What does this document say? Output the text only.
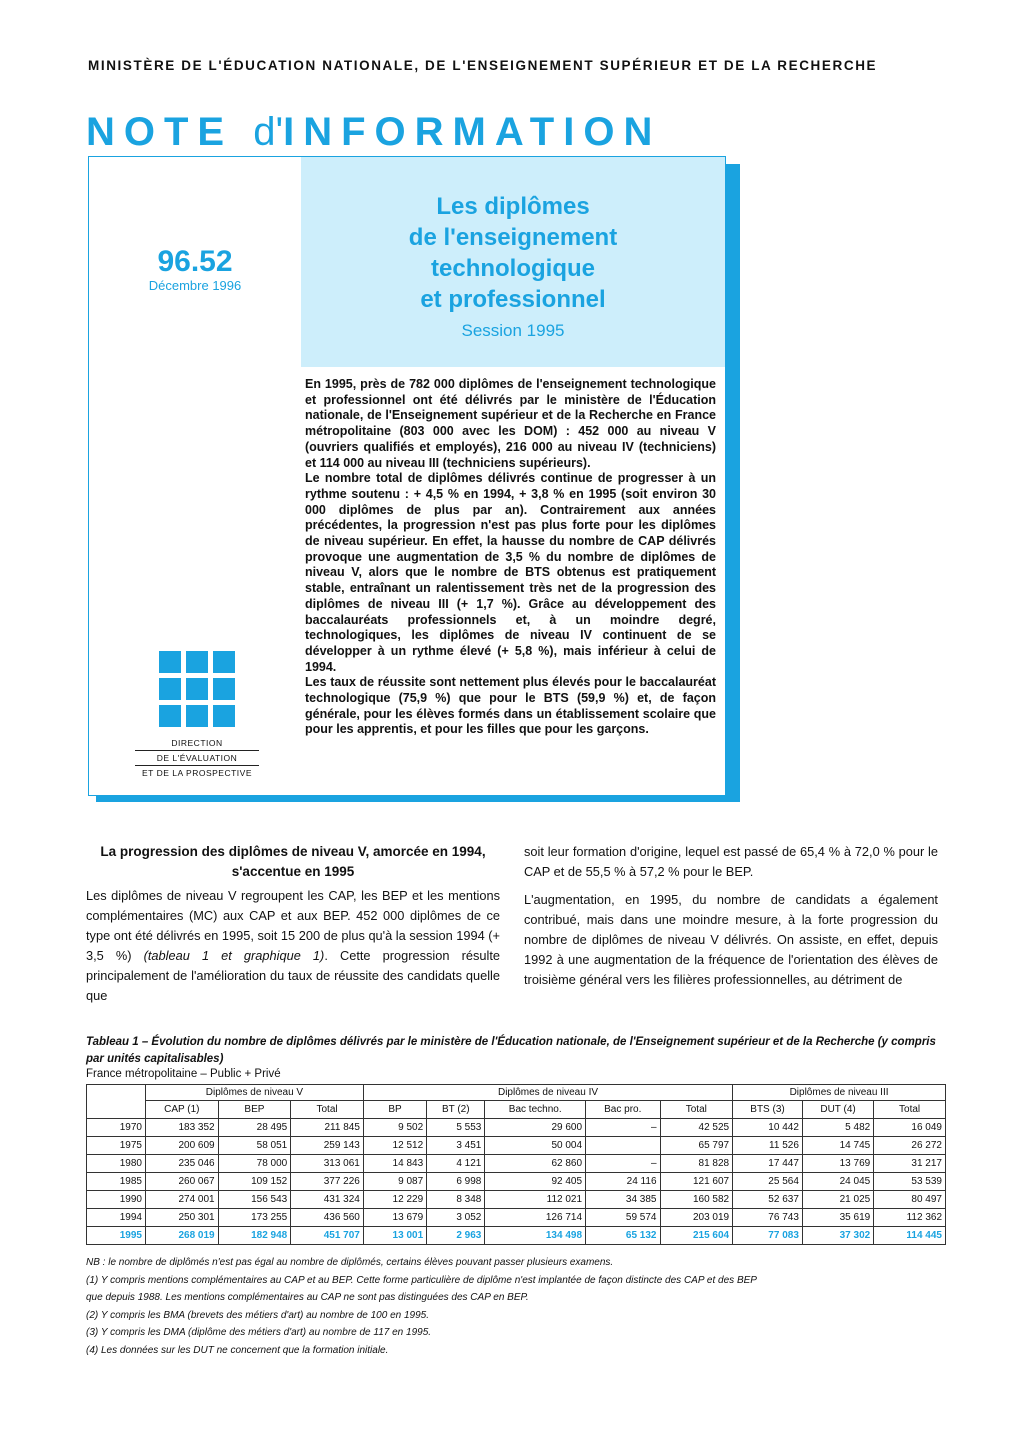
MINISTÈRE DE L'ÉDUCATION NATIONALE, DE L'ENSEIGNEMENT SUPÉRIEUR ET DE LA RECHERCHE
NOTE d'INFORMATION
Les diplômes
de l'enseignement
technologique
et professionnel
Session 1995
96.52
Décembre 1996
DIRECTION
DE L'ÉVALUATION
ET DE LA PROSPECTIVE

En 1995, près de 782 000 diplômes de l'enseignement technologique et professionnel ont été délivrés par le ministère de l'Éducation nationale, de l'Enseignement supérieur et de la Recherche en France métropolitaine (803 000 avec les DOM) : 452 000 au niveau V (ouvriers qualifiés et employés), 216 000 au niveau IV (techniciens) et 114 000 au niveau III (techniciens supérieurs).

Le nombre total de diplômes délivrés continue de progresser à un rythme soutenu : + 4,5 % en 1994, + 3,8 % en 1995 (soit environ 30 000 diplômes de plus par an). Contrairement aux années précédentes, la progression n'est pas plus forte pour les diplômes de niveau supérieur. En effet, la hausse du nombre de CAP délivrés provoque une augmentation de 3,5 % du nombre de diplômes de niveau V, alors que le nombre de BTS obtenus est pratiquement stable, entraînant un ralentissement très net de la progression des diplômes de niveau III (+ 1,7 %). Grâce au développement des baccalauréats professionnels et, à un moindre degré, technologiques, les diplômes de niveau IV continuent de se développer à un rythme élevé (+ 5,8 %), mais inférieur à celui de 1994.

Les taux de réussite sont nettement plus élevés pour le baccalauréat technologique (75,9 %) que pour le BTS (59,9 %) et, de façon générale, pour les élèves formés dans un établissement scolaire que pour les apprentis, et pour les filles que pour les garçons.

La progression des diplômes de niveau V, amorcée en 1994, s'accentue en 1995

Les diplômes de niveau V regroupent les CAP, les BEP et les mentions complémentaires (MC) aux CAP et aux BEP. 452 000 diplômes de ce type ont été délivrés en 1995, soit 15 200 de plus qu'à la session 1994 (+ 3,5 %) (tableau 1 et graphique 1). Cette progression résulte principalement de l'amélioration du taux de réussite des candidats quelle que

soit leur formation d'origine, lequel est passé de 65,4 % à 72,0 % pour le CAP et de 55,5 % à 57,2 % pour le BEP.

L'augmentation, en 1995, du nombre de candidats a également contribué, mais dans une moindre mesure, à la forte progression du nombre de diplômes de niveau V délivrés. On assiste, en effet, depuis 1992 à une augmentation de la fréquence de l'orientation des élèves de troisième général vers les filières professionnelles, au détriment de

Tableau 1 – Évolution du nombre de diplômes délivrés par le ministère de l'Éducation nationale, de l'Enseignement supérieur et de la Recherche (y compris par unités capitalisables)
France métropolitaine – Public + Privé
	Diplômes de niveau V			Diplômes de niveau IV					Diplômes de niveau III		
	CAP (1)	BEP	Total	BP	BT (2)	Bac techno.	Bac pro.	Total	BTS (3)	DUT (4)	Total
1970	183 352	28 495	211 845	9 502	5 553	29 600	–	42 525	10 442	5 482	16 049
1975	200 609	58 051	259 143	12 512	3 451	50 004		65 797	11 526	14 745	26 272
1980	235 046	78 000	313 061	14 843	4 121	62 860	–	81 828	17 447	13 769	31 217
1985	260 067	109 152	377 226	9 087	6 998	92 405	24 116	121 607	25 564	24 045	53 539
1990	274 001	156 543	431 324	12 229	8 348	112 021	34 385	160 582	52 637	21 025	80 497
1994	250 301	173 255	436 560	13 679	3 052	126 714	59 574	203 019	76 743	35 619	112 362
1995	268 019	182 948	451 707	13 001	2 963	134 498	65 132	215 604	77 083	37 302	114 445

NB : le nombre de diplômés n'est pas égal au nombre de diplômés, certains élèves pouvant passer plusieurs examens.

(1) Y compris mentions complémentaires au CAP et au BEP. Cette forme particulière de diplôme n'est implantée de façon distincte des CAP et des BEP

que depuis 1988. Les mentions complémentaires au CAP ne sont pas distinguées des CAP en BEP.

(2) Y compris les BMA (brevets des métiers d'art) au nombre de 100 en 1995.

(3) Y compris les DMA (diplôme des métiers d'art) au nombre de 117 en 1995.

(4) Les données sur les DUT ne concernent que la formation initiale.
